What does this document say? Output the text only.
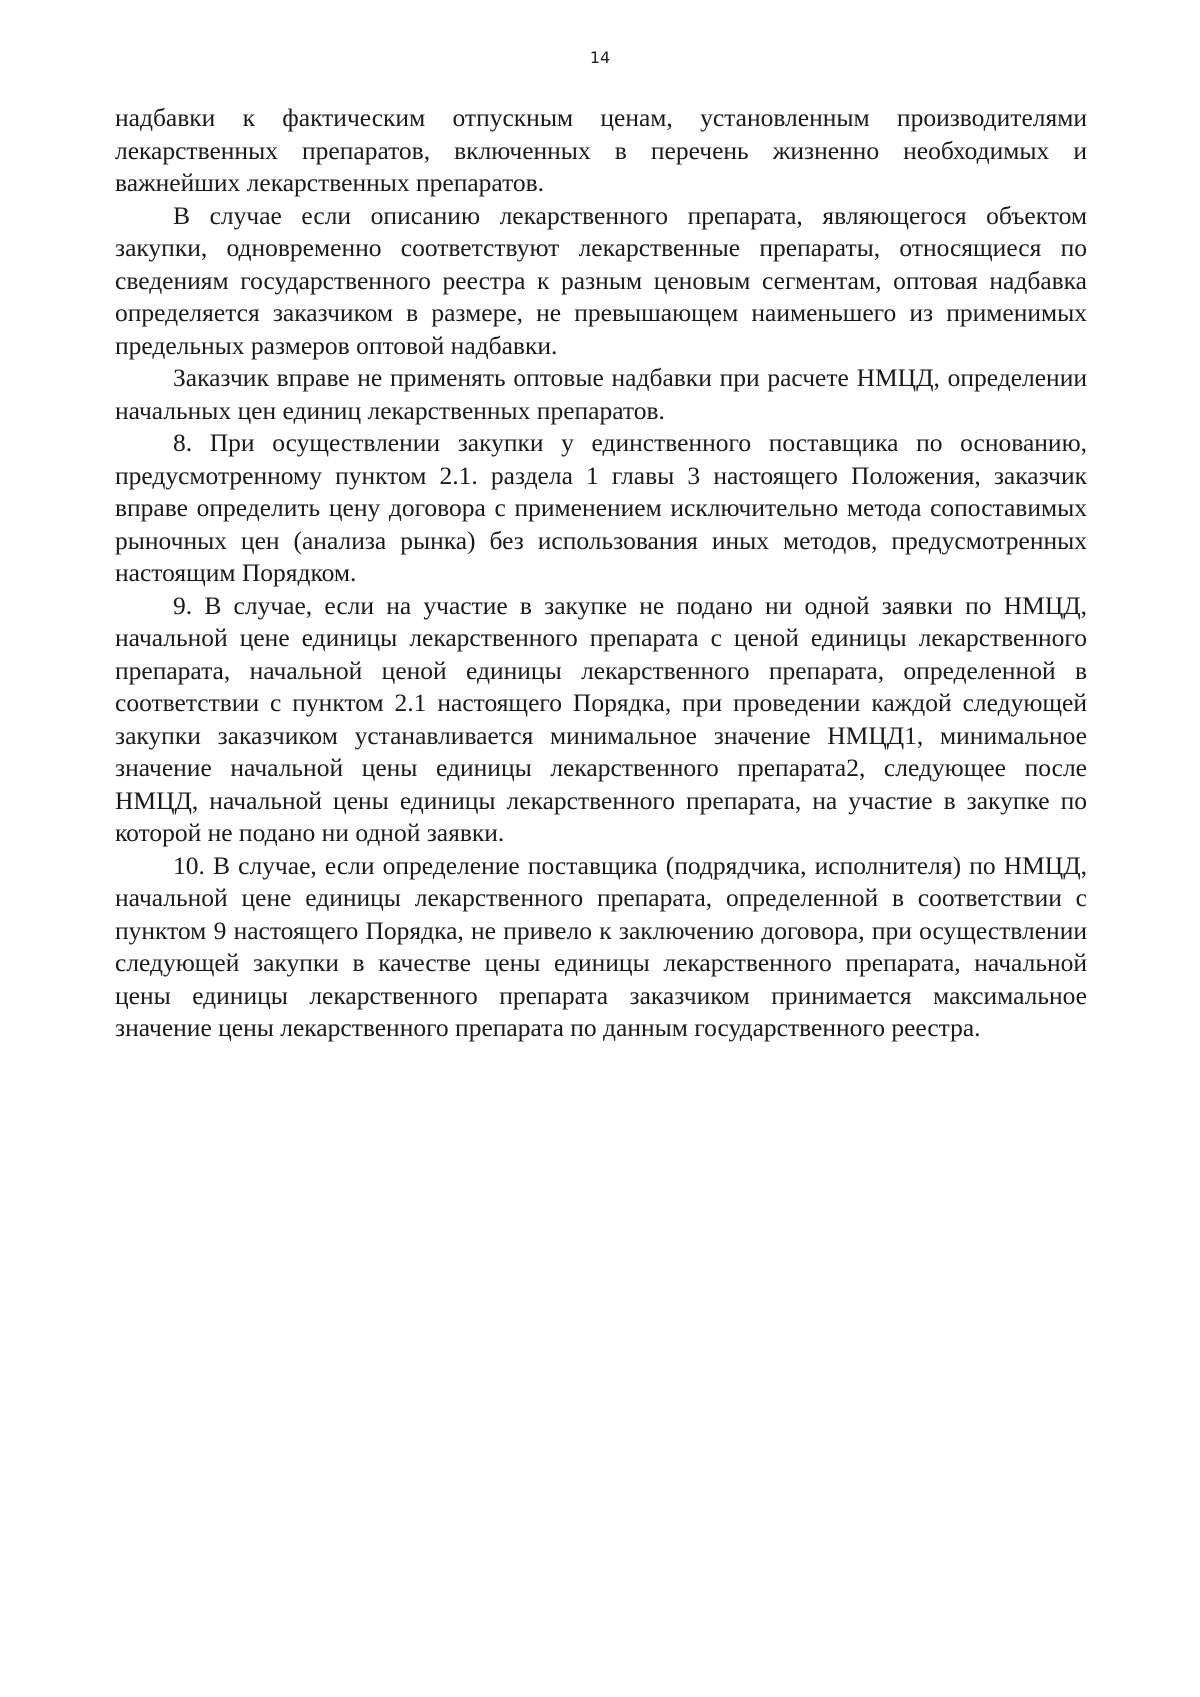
14

надбавки к фактическим отпускным ценам, установленным производителями лекарственных препаратов, включенных в перечень жизненно необходимых и важнейших лекарственных препаратов.

В случае если описанию лекарственного препарата, являющегося объектом закупки, одновременно соответствуют лекарственные препараты, относящиеся по сведениям государственного реестра к разным ценовым сегментам, оптовая надбавка определяется заказчиком в размере, не превышающем наименьшего из применимых предельных размеров оптовой надбавки.

Заказчик вправе не применять оптовые надбавки при расчете НМЦД, определении начальных цен единиц лекарственных препаратов.

8. При осуществлении закупки у единственного поставщика по основанию, предусмотренному пунктом 2.1. раздела 1 главы 3 настоящего Положения, заказчик вправе определить цену договора с применением исключительно метода сопоставимых рыночных цен (анализа рынка) без использования иных методов, предусмотренных настоящим Порядком.

9. В случае, если на участие в закупке не подано ни одной заявки по НМЦД, начальной цене единицы лекарственного препарата с ценой единицы лекарственного препарата, начальной ценой единицы лекарственного препарата, определенной в соответствии с пунктом 2.1 настоящего Порядка, при проведении каждой следующей закупки заказчиком устанавливается минимальное значение НМЦД1, минимальное значение начальной цены единицы лекарственного препарата2, следующее после НМЦД, начальной цены единицы лекарственного препарата, на участие в закупке по которой не подано ни одной заявки.

10. В случае, если определение поставщика (подрядчика, исполнителя) по НМЦД, начальной цене единицы лекарственного препарата, определенной в соответствии с пунктом 9 настоящего Порядка, не привело к заключению договора, при осуществлении следующей закупки в качестве цены единицы лекарственного препарата, начальной цены единицы лекарственного препарата заказчиком принимается максимальное значение цены лекарственного препарата по данным государственного реестра.
